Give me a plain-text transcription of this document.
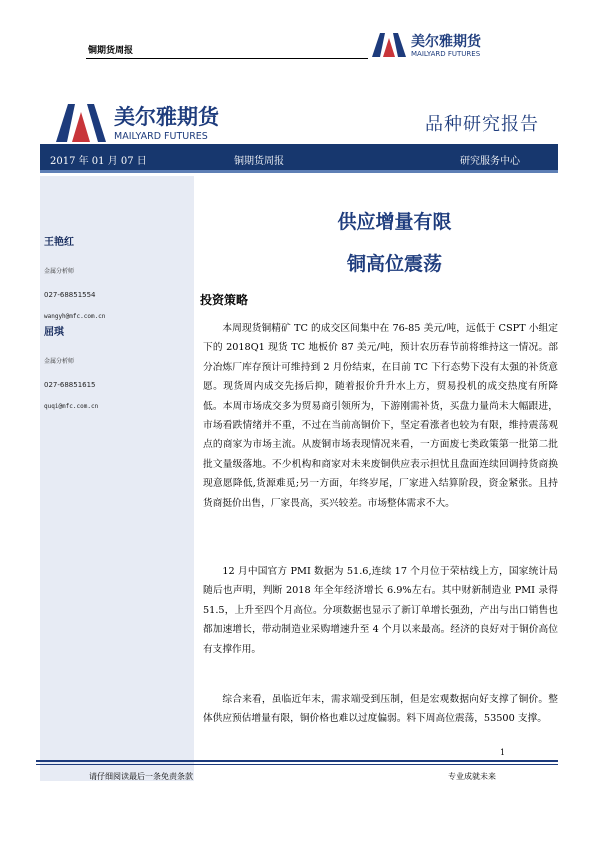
铜期货周报
美尔雅期货
MAILYARD FUTURES
美尔雅期货
MAILYARD FUTURES
品种研究报告
2017 年 01 月 07 日	铜期货周报	研究服务中心
王艳红
金属分析师
027-68851554
wangyh@mfc.com.cn
屈琪
金属分析师
027-68851615
quqi@mfc.com.cn
供应增量有限
铜高位震荡
投资策略
本周现货铜精矿 TC 的成交区间集中在 76-85 美元/吨，远低于 CSPT 小组定下的 2018Q1 现货 TC 地板价 87 美元/吨，预计农历春节前将维持这一情况。部分冶炼厂库存预计可维持到 2 月份结束，在目前 TC 下行态势下没有太强的补货意愿。现货周内成交先扬后抑，随着报价升升水上方，贸易投机的成交热度有所降低。本周市场成交多为贸易商引领所为，下游刚需补货，买盘力量尚未大幅跟进，市场看跌情绪并不重，不过在当前高铜价下，坚定看涨者也较为有限，维持震荡观点的商家为市场主流。从废铜市场表现情况来看，一方面废七类政策第一批第二批批文量级落地。不少机构和商家对未来废铜供应表示担忧且盘面连续回调持货商换现意愿降低,货源难觅;另一方面，年终岁尾，厂家进入结算阶段，资金紧张。且持货商挺价出售，厂家畏高，买兴较差。市场整体需求不大。
12 月中国官方 PMI 数据为 51.6,连续 17 个月位于荣枯线上方，国家统计局随后也声明，判断 2018 年全年经济增长 6.9%左右。其中财新制造业 PMI 录得 51.5，上升至四个月高位。分项数据也显示了新订单增长强劲，产出与出口销售也都加速增长，带动制造业采购增速升至 4 个月以来最高。经济的良好对于铜价高位有支撑作用。
综合来看，虽临近年末，需求端受到压制，但是宏观数据向好支撑了铜价。整体供应预估增量有限，铜价格也难以过度偏弱。料下周高位震荡，53500 支撑。
1
请仔细阅读最后一条免责条款	专业成就未来
